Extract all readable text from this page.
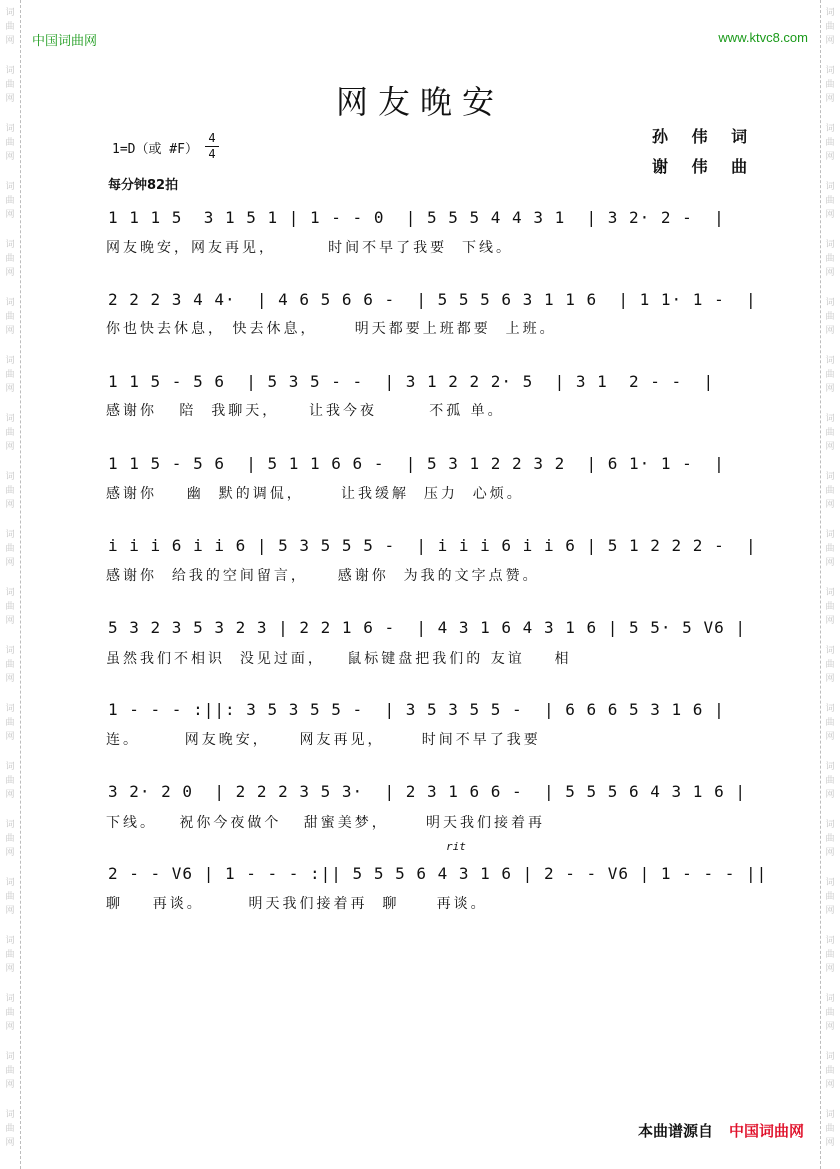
词
曲
网
词
曲
网
词
曲
网
词
曲
网
词
曲
网
词
曲
网
词
曲
网
词
曲
网
词
曲
网
词
曲
网
词
曲
网
词
曲
网
词
曲
网
词
曲
网
词
曲
网
词
曲
网
词
曲
网
词
曲
网
词
曲
网
词
曲
网
词
曲
网
词
曲
网
词
曲
网
词
曲
网
词
曲
网
词
曲
网
词
曲
网
词
曲
网
词
曲
网
词
曲
网
词
曲
网
词
曲
网
词
曲
网
词
曲
网
词
曲
网
词
曲
网
词
曲
网
词
曲
网
词
曲
网
词
曲
网
中国词曲网	www.ktvc8.com
网友晚安
1=D（或 #F）
4
4
每分钟82拍
孙 伟 词
谢 伟 曲
1 1 1 5  3 1 5 1 | 1 - - 0  | 5 5 5 4 4 3 1  | 3 2· 2 -  |
网友晚安，网友再见，       时间不早了我要  下线。
2 2 2 3 4 4·  | 4 6 5 6 6 -  | 5 5 5 6 3 1 1 6  | 1 1· 1 -  |
你也快去休息， 快去休息，     明天都要上班都要  上班。
1 1 5 - 5 6  | 5 3 5 - -  | 3 1 2 2 2· 5  | 3 1  2 - -  |
感谢你   陪  我聊天，    让我今夜       不孤 单。
1 1 5 - 5 6  | 5 1 1 6 6 -  | 5 3 1 2 2 3 2  | 6 1· 1 -  |
感谢你    幽  默的调侃，     让我缓解  压力  心烦。
i i i 6 i i 6 | 5 3 5 5 5 -  | i i i 6 i i 6 | 5 1 2 2 2 -  |
感谢你  给我的空间留言，    感谢你  为我的文字点赞。
5 3 2 3 5 3 2 3 | 2 2 1 6 -  | 4 3 1 6 4 3 1 6 | 5 5· 5 V6 |
虽然我们不相识  没见过面，   鼠标键盘把我们的 友谊    相
1 - - - :||: 3 5 3 5 5 -  | 3 5 3 5 5 -  | 6 6 6 5 3 1 6 |
连。      网友晚安，    网友再见，     时间不早了我要
3 2· 2 0  | 2 2 2 3 5 3·  | 2 3 1 6 6 -  | 5 5 5 6 4 3 1 6 |
下线。   祝你今夜做个   甜蜜美梦，     明天我们接着再
rit
2 - - V6 | 1 - - - :|| 5 5 5 6 4 3 1 6 | 2 - - V6 | 1 - - - ||
聊    再谈。      明天我们接着再  聊     再谈。
本曲谱源自 中国词曲网
